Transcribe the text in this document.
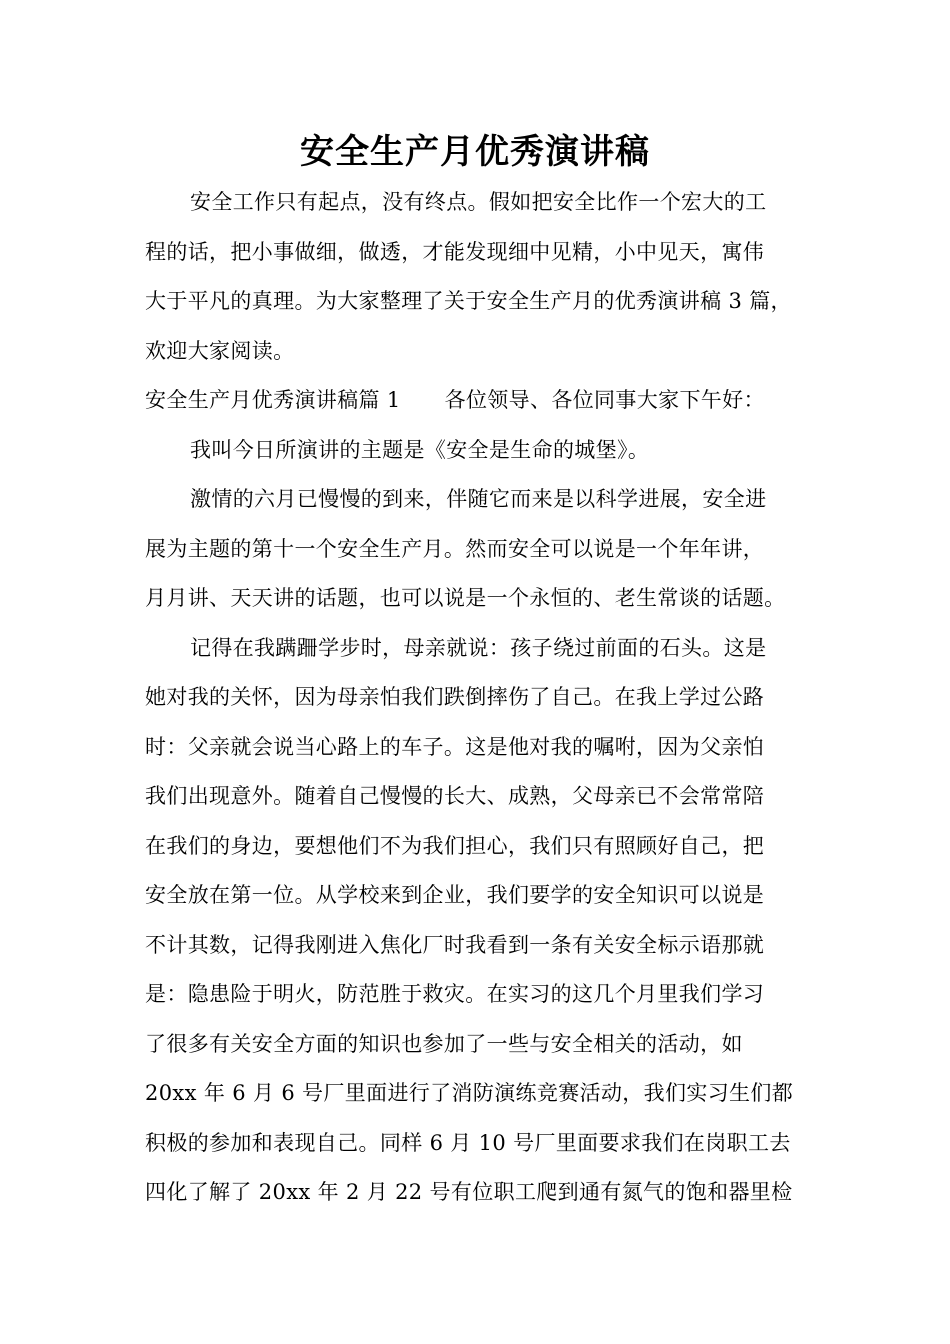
安全生产月优秀演讲稿
安全工作只有起点，没有终点。假如把安全比作一个宏大的工
程的话，把小事做细，做透，才能发现细中见精，小中见天，寓伟
大于平凡的真理。为大家整理了关于安全生产月的优秀演讲稿 3 篇，
欢迎大家阅读。
安全生产月优秀演讲稿篇 1 各位领导、各位同事大家下午好：
我叫今日所演讲的主题是《安全是生命的城堡》。
激情的六月已慢慢的到来，伴随它而来是以科学进展，安全进
展为主题的第十一个安全生产月。然而安全可以说是一个年年讲，
月月讲、天天讲的话题，也可以说是一个永恒的、老生常谈的话题。
记得在我蹒跚学步时，母亲就说：孩子绕过前面的石头。这是
她对我的关怀，因为母亲怕我们跌倒摔伤了自己。在我上学过公路
时：父亲就会说当心路上的车子。这是他对我的嘱咐，因为父亲怕
我们出现意外。随着自己慢慢的长大、成熟，父母亲已不会常常陪
在我们的身边，要想他们不为我们担心，我们只有照顾好自己，把
安全放在第一位。从学校来到企业，我们要学的安全知识可以说是
不计其数，记得我刚进入焦化厂时我看到一条有关安全标示语那就
是：隐患险于明火，防范胜于救灾。在实习的这几个月里我们学习
了很多有关安全方面的知识也参加了一些与安全相关的活动，如
20xx 年 6 月 6 号厂里面进行了消防演练竞赛活动，我们实习生们都
积极的参加和表现自己。同样 6 月 10 号厂里面要求我们在岗职工去
四化了解了 20xx 年 2 月 22 号有位职工爬到通有氮气的饱和器里检
